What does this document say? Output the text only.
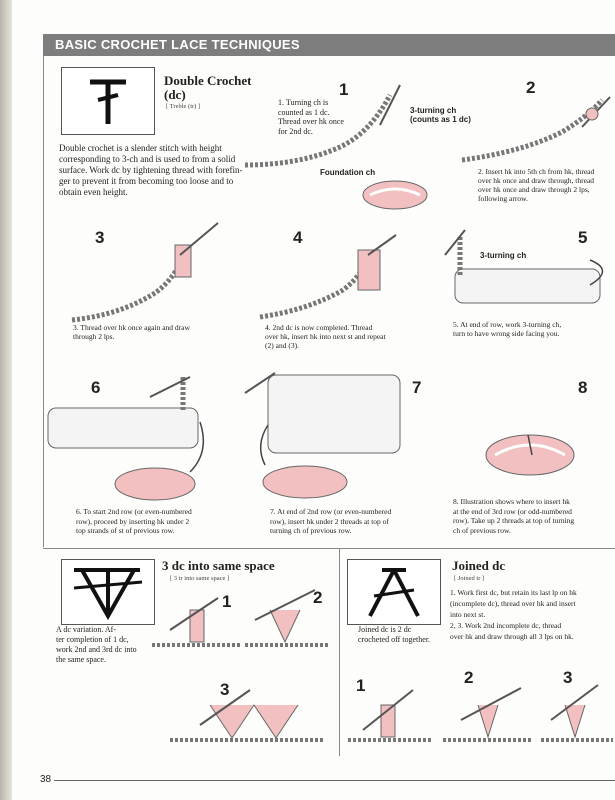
BASIC CROCHET LACE TECHNIQUES
Double Crochet
(dc)
[ Treble (tr) ]
Double crochet is a slender stitch with height
corresponding to 3-ch and is used to from a solid
surface. Work dc by tightening thread with forefin-
ger to prevent it from becoming too loose and to
obtain even height.
1
1. Turning ch is
counted as 1 dc.
Thread over hk once
for 2nd dc.
3-turning ch
(counts as 1 dc)
Foundation ch
2
2. Insert hk into 5th ch from hk, thread
over hk once and draw through, thread
over hk once and draw through 2 lps,
following arrow.
3
3. Thread over hk once again and draw
through 2 lps.
4
4. 2nd dc is now completed. Thread
over hk, insert hk into next st and repeat
(2) and (3).
5
3-turning ch
5. At end of row, work 3-turning ch,
turn to have wrong side facing you.
6
6. To start 2nd row (or even-numbered
row), proceed by inserting hk under 2
top strands of st of previous row.
7
7. At end of 2nd row (or even-numbered
row), insert hk under 2 threads at top of
turning ch of previous row.
8
8. Illustration shows where to insert hk
at the end of 3rd row (or odd-numbered
row). Take up 2 threads at top of turning
ch of previous row.
3 dc into same space
[ 3 tr into same space ]
A dc variation. Af-
ter completion of 1 dc,
work 2nd and 3rd dc into
the same space.
1	2
3
Joined dc
[ Joined tr ]
1. Work first dc, but retain its last lp on hk
(incomplete dc), thread over hk and insert
into next st.
2, 3. Work 2nd incomplete dc, thread
over hk and draw through all 3 lps on hk.
Joined dc is 2 dc
crocheted off together.
1	2	3
38
